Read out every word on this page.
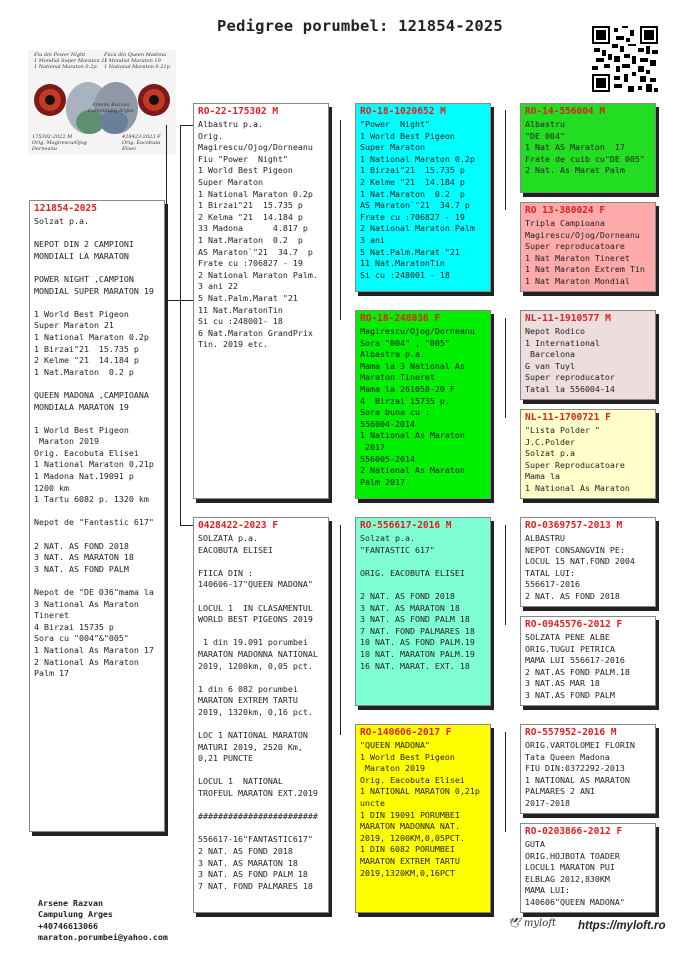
Pedigree porumbel: 121854-2025
Fiu din Power Night
1 Mondial Super Maraton 21
1 National Maraton 0.2p
Fiica din Queen Madona
1 Mondial Maraton 19
1 National Maraton 0.21p
Arsene Razvan
Campulung Arges
175302-2022 M
Orig. Magirescu/Ojog
Dorneanu
428423-2023 F
Orig. Eacobuta
Elisei
121854-2025
Solzat p.a.
NEPOT DIN 2 CAMPIONI
MONDIALI LA MARATON
POWER NIGHT ,CAMPION
MONDIAL SUPER MARATON 19
1 World Best Pigeon
Super Maraton 21
1 National Maraton 0.2p
1 Birzai"21  15.735 p
2 Kelme "21  14.184 p
1 Nat.Maraton  0.2 p
QUEEN MADONA ,CAMPIOANA
MONDIALA MARATON 19
1 World Best Pigeon
Maraton 2019
Orig. Eacobuta Elisei
1 National Maraton 0,21p
1 Madona Nat.19091 p
1200 km
1 Tartu 6082 p. 1320 km
Nepot de "Fantastic 617"
2 NAT. AS FOND 2018
3 NAT. AS MARATON 18
3 NAT. AS FOND PALM
Nepot de "DE 036"mama la
3 National As Maraton
Tineret
4 Birzai 15735 p
Sora cu "004"&"005"
1 National As Maraton 17
2 National As Maraton
Palm 17
RO-22-175302 M
Albastru p.a.
Orig.
Magirescu/Ojog/Dorneanu
Fiu "Power  Night"
1 World Best Pigeon
Super Maraton
1 National Maraton 0.2p
1 Birzai"21  15.735 p
2 Kelma "21  14.184 p
33 Madona      4.817 p
1 Nat.Maraton  0.2  p
AS Maraton`"21  34.7  p
Frate cu :706827 - 19
2 National Maraton Palm.
3 ani 22
5 Nat.Palm.Marat "21
11 Nat.MaratonTin
Si cu :248001- 18
6 Nat.Maraton GrandPrix
Tin. 2019 etc.
0428422-2023 F
SOLZATA p.a.
EACOBUTA ELISEI
FIICA DIN :
140606-17"QUEEN MADONA"
LOCUL 1  IN CLASAMENTUL
WORLD BEST PIGEONS 2019
1 din 19.091 porumbei
MARATON MADONNA NATIONAL
2019, 1200km, 0,05 pct.
1 din 6 082 porumbei
MARATON EXTREM TARTU
2019, 1320km, 0,16 pct.
LOC 1 NATIONAL MARATON
MATURI 2019, 2520 Km,
0,21 PUNCTE
LOCUL 1  NATIONAL
TROFEUL MARATON EXT.2019
########################
556617-16"FANTASTIC617"
2 NAT. AS FOND 2018
3 NAT. AS MARATON 18
3 NAT. AS FOND PALM 18
7 NAT. FOND PALMARES 18
RO-18-1020652 M
"Power  Night"
1 World Best Pigeon
Super Maraton
1 National Maraton 0.2p
1 Birzai"21  15.735 p
2 Kelme "21  14.184 p
1 Nat.Maraton  0.2  p
AS Maraton`"21  34.7 p
Frate cu :706827 - 19
2 National Maraton Palm
3 ani
5 Nat.Palm.Marat "21
11 Nat.MaratonTin
Si cu :248001 - 18
RO-18-248036 F
Magirescu/Ojog/Dorneanu
Sora "004" , "005"
Albastra p.a.
Mama la 3 National As
Maraton Tineret
Mama la 261058-20 F
4  Birzai 15735 p.
Sora buna cu :
556004-2014
1 National As Maraton
2017
556005-2014
2 National As Maraton
Palm 2017
RO-556617-2016 M
Solzat p.a.
"FANTASTIC 617"
ORIG. EACOBUTA ELISEI
2 NAT. AS FOND 2018
3 NAT. AS MARATON 18
3 NAT. AS FOND PALM 18
7 NAT. FOND PALMARES 18
10 NAT. AS FOND PALM.19
10 NAT. MARATON PALM.19
16 NAT. MARAT. EXT. 18
RO-140606-2017 F
"QUEEN MADONA"
1 World Best Pigeon
Maraton 2019
Orig. Eacobuta Elisei
1 NATIONAL MARATON 0,21p
uncte
1 DIN 19091 PORUMBEI
MARATON MADONNA NAT.
2019, 1200KM,0,05PCT.
1 DIN 6082 PORUMBEI
MARATON EXTREM TARTU
2019,1320KM,0,16PCT
RO-14-556004 M
Albastru
"DE 004"
1 Nat AS Maraton  17
Frate de cuib cu"DE 005"
2 Nat. As Marat Palm
RO 13-380024 F
Tripla Campioana
Magirescu/Ojog/Dorneanu
Super reproducatoare
1 Nat Maraton Tineret
1 Nat Maraton Extrem Tin
1 Nat Maraton Mondial
NL-11-1910577 M
Nepot Rodico
1 International
Barcelona
G van Tuyl
Super reproducator
Tatal la 556004-14
NL-11-1700721 F
"Lista Polder "
J.C.Polder
Solzat p.a
Super Reproducatoare
Mama la
1 National As Maraton
RO-0369757-2013 M
ALBASTRU
NEPOT CONSANGVIN PE:
LOCUL 15 NAT.FOND 2004
TATAL LUI:
556617-2016
2 NAT. AS FOND 2018
RO-0945576-2012 F
SOLZATA PENE ALBE
ORIG.TUGUI PETRICA
MAMA LUI 556617-2016
2 NAT.AS FOND PALM.18
3 NAT.AS MAR 18
3 NAT.AS FOND PALM
RO-557952-2016 M
ORIG.VARTOLOMEI FLORIN
Tata Queen Madona
FIU DIN:0372292-2013
1 NATIONAL AS MARATON
PALMARES 2 ANI
2017-2018
RO-0203866-2012 F
GUTA
ORIG.HOJBOTA TOADER
LOCUL1 MARATON PUI
ELBLAG 2012,830KM
MAMA LUI:
140606"QUEEN MADONA"
Arsene Razvan
Campulung Arges
+40746613066
maraton.porumbei@yahoo.com
🕊 myloft https://myloft.ro
